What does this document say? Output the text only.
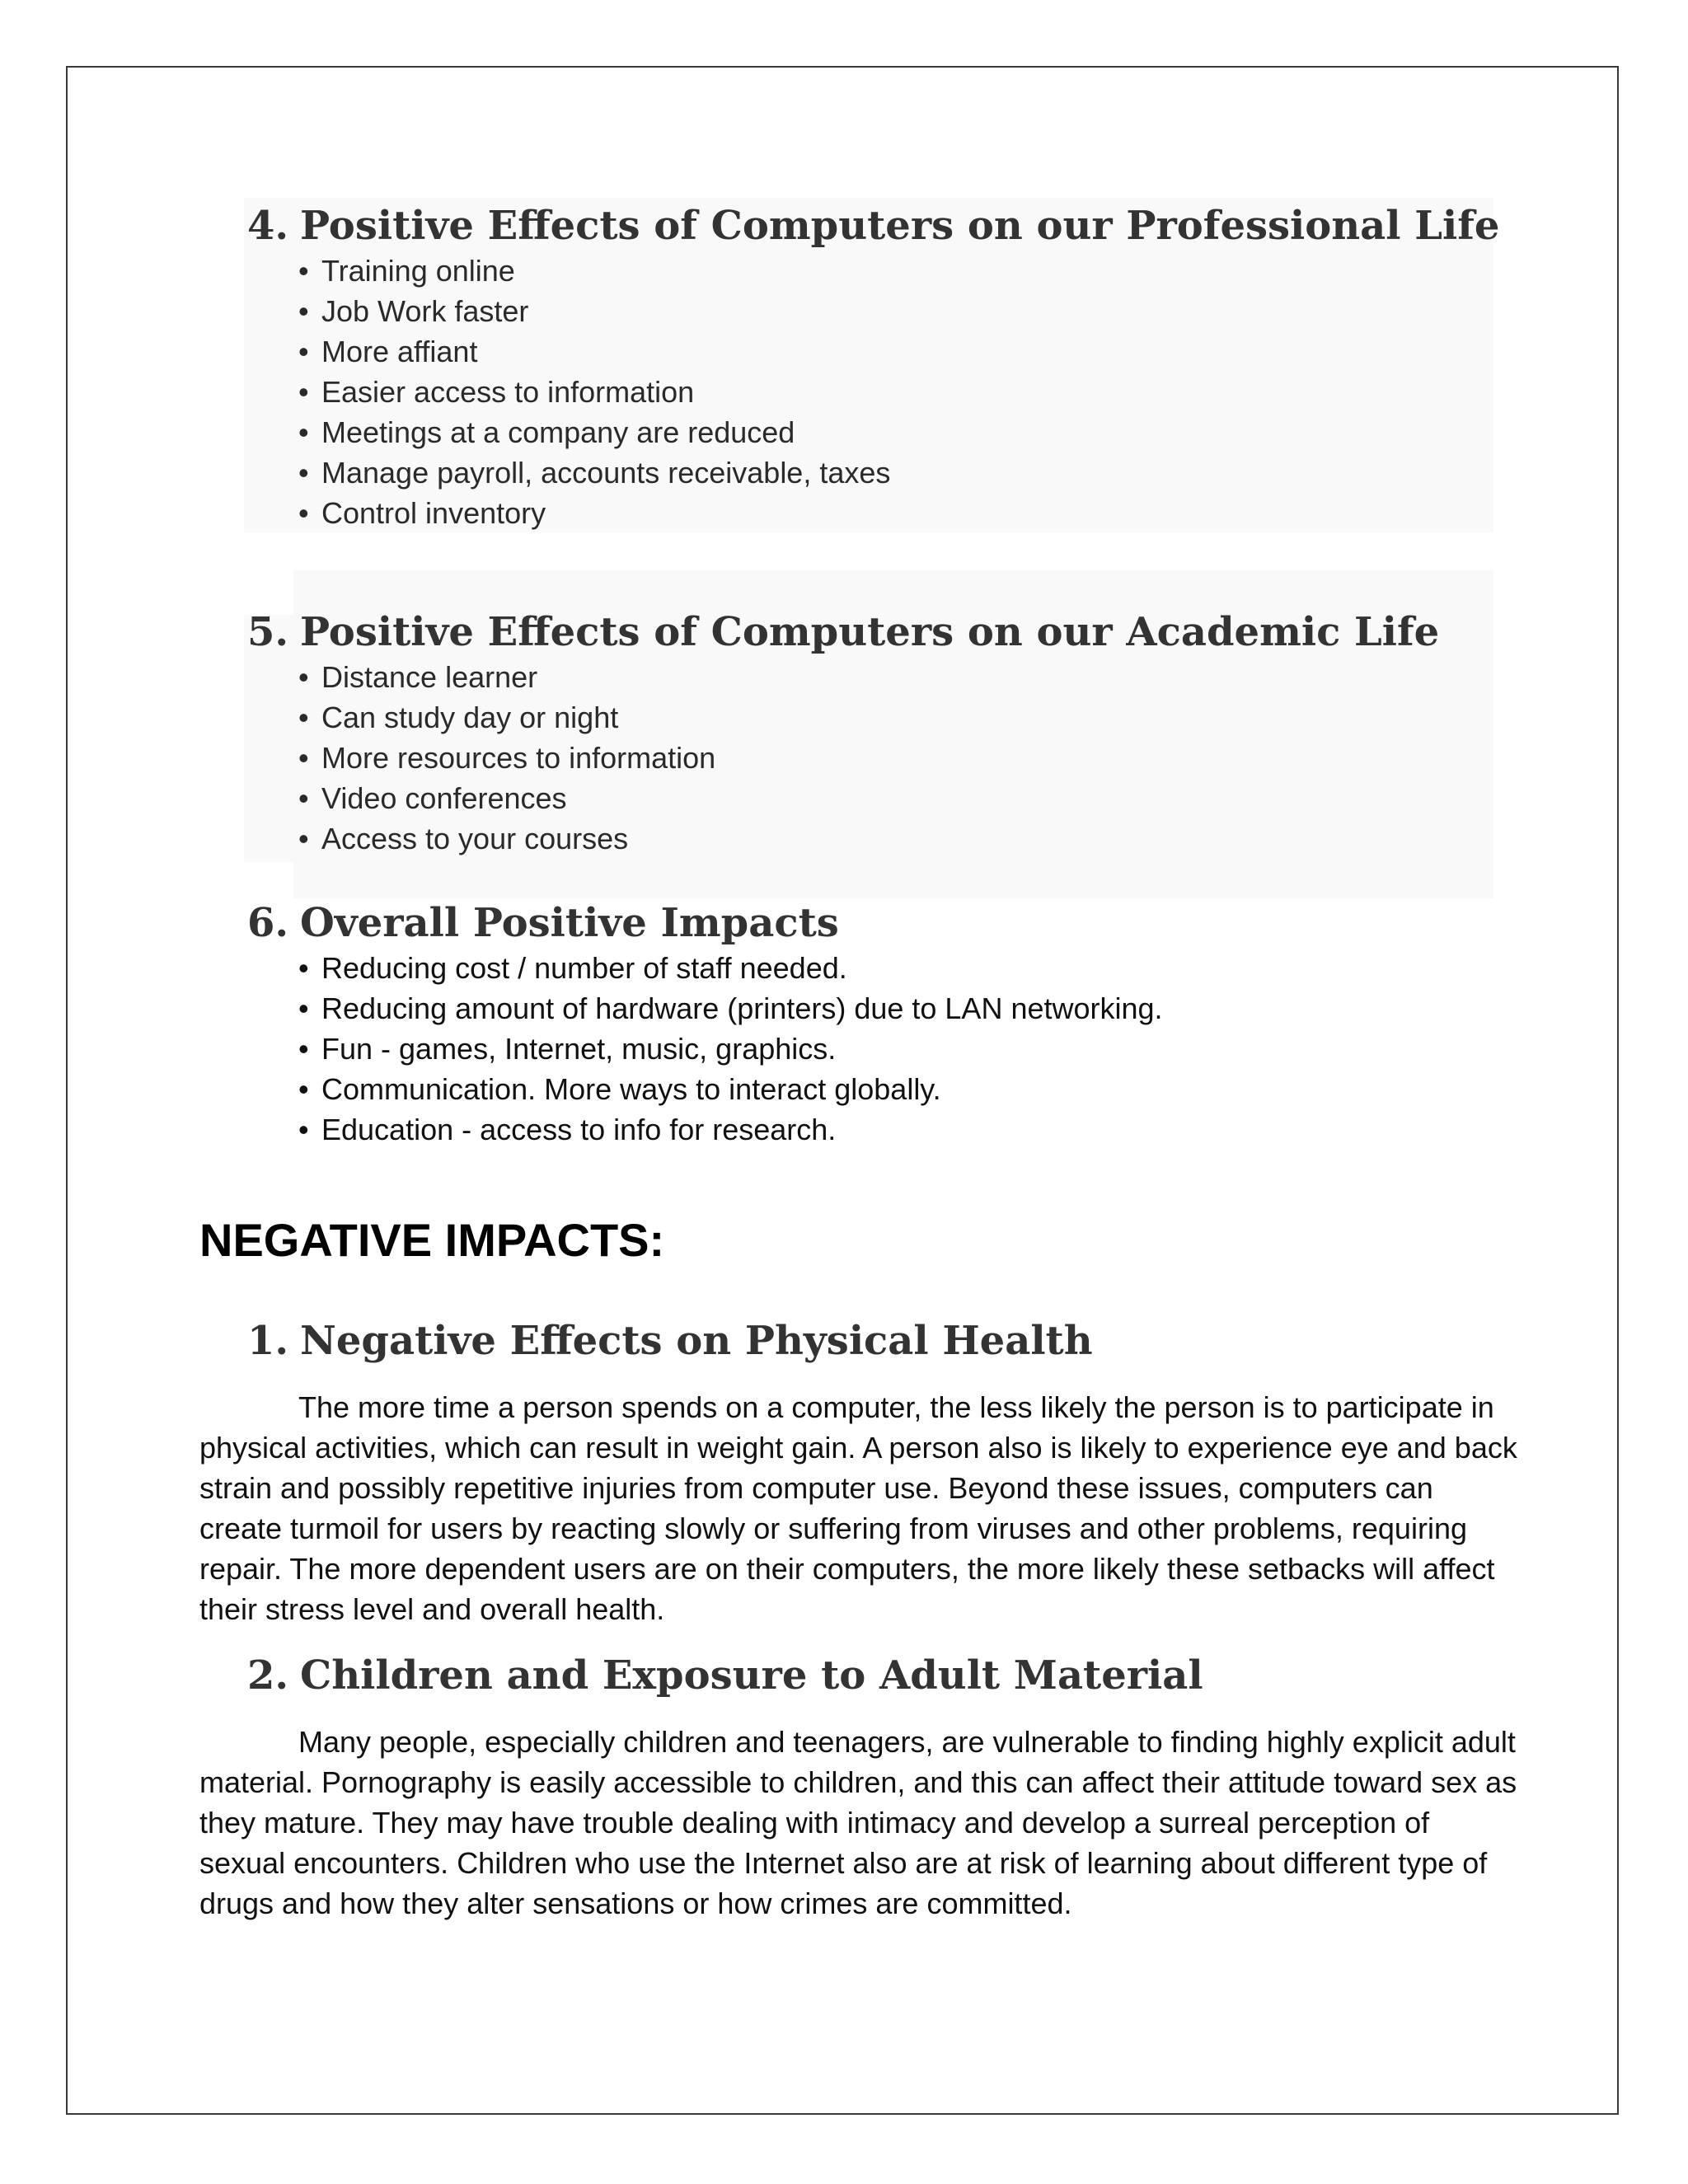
4. Positive Effects of Computers on our Professional Life
• Training online
• Job Work faster
• More affiant
• Easier access to information
• Meetings at a company are reduced
• Manage payroll, accounts receivable, taxes
• Control inventory
5. Positive Effects of Computers on our Academic Life
• Distance learner
• Can study day or night
• More resources to information
• Video conferences
• Access to your courses
6. Overall Positive Impacts
• Reducing cost / number of staff needed.
• Reducing amount of hardware (printers) due to LAN networking.
• Fun - games, Internet, music, graphics.
• Communication. More ways to interact globally.
• Education - access to info for research.
NEGATIVE IMPACTS:
1. Negative Effects on Physical Health

The more time a person spends on a computer, the less likely the person is to participate in physical activities, which can result in weight gain. A person also is likely to experience eye and back strain and possibly repetitive injuries from computer use. Beyond these issues, computers can create turmoil for users by reacting slowly or suffering from viruses and other problems, requiring repair. The more dependent users are on their computers, the more likely these setbacks will affect their stress level and overall health.

2. Children and Exposure to Adult Material

Many people, especially children and teenagers, are vulnerable to finding highly explicit adult material. Pornography is easily accessible to children, and this can affect their attitude toward sex as they mature. They may have trouble dealing with intimacy and develop a surreal perception of sexual encounters. Children who use the Internet also are at risk of learning about different type of drugs and how they alter sensations or how crimes are committed.
